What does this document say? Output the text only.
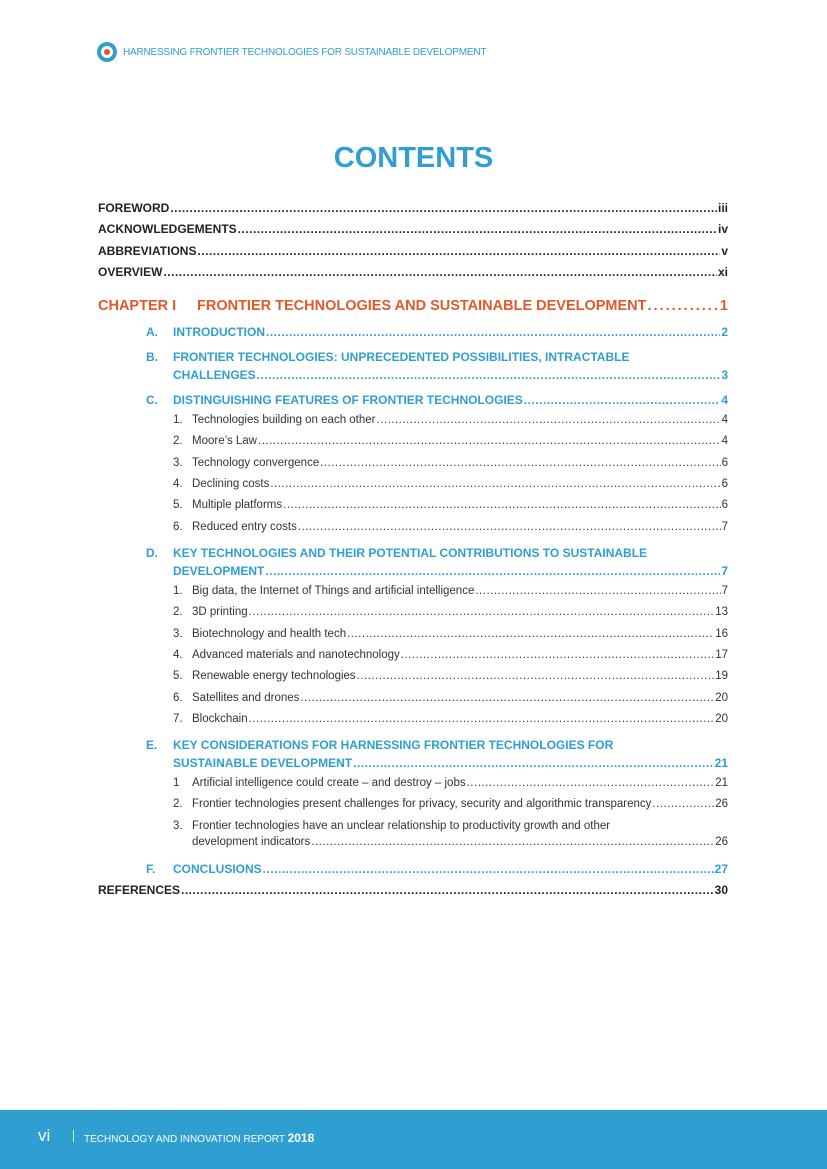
HARNESSING FRONTIER TECHNOLOGIES FOR SUSTAINABLE DEVELOPMENT
CONTENTS
FOREWORD .....	iii
ACKNOWLEDGEMENTS .....	iv
ABBREVIATIONS .....	v
OVERVIEW .....	xi
CHAPTER I	FRONTIER TECHNOLOGIES AND SUSTAINABLE DEVELOPMENT .....	1
A. INTRODUCTION .....	2
B. FRONTIER TECHNOLOGIES: UNPRECEDENTED POSSIBILITIES, INTRACTABLE
CHALLENGES .....	3
C. DISTINGUISHING FEATURES OF FRONTIER TECHNOLOGIES .....	4
1. Technologies building on each other .....	4
2. Moore’s Law .....	4
3. Technology convergence .....	6
4. Declining costs .....	6
5. Multiple platforms .....	6
6. Reduced entry costs .....	7
D. KEY TECHNOLOGIES AND THEIR POTENTIAL CONTRIBUTIONS TO SUSTAINABLE
DEVELOPMENT .....	7
1. Big data, the Internet of Things and artificial intelligence .....	7
2. 3D printing .....	13
3. Biotechnology and health tech .....	16
4. Advanced materials and nanotechnology .....	17
5. Renewable energy technologies .....	19
6. Satellites and drones .....	20
7. Blockchain .....	20
E. KEY CONSIDERATIONS FOR HARNESSING FRONTIER TECHNOLOGIES FOR
SUSTAINABLE DEVELOPMENT .....	21
1 Artificial intelligence could create – and destroy – jobs .....	21
2. Frontier technologies present challenges for privacy, security and algorithmic transparency .....	26
3. Frontier technologies have an unclear relationship to productivity growth and other
development indicators .....	26
F. CONCLUSIONS .....	27
REFERENCES .....	30
vi	TECHNOLOGY AND INNOVATION REPORT 2018
